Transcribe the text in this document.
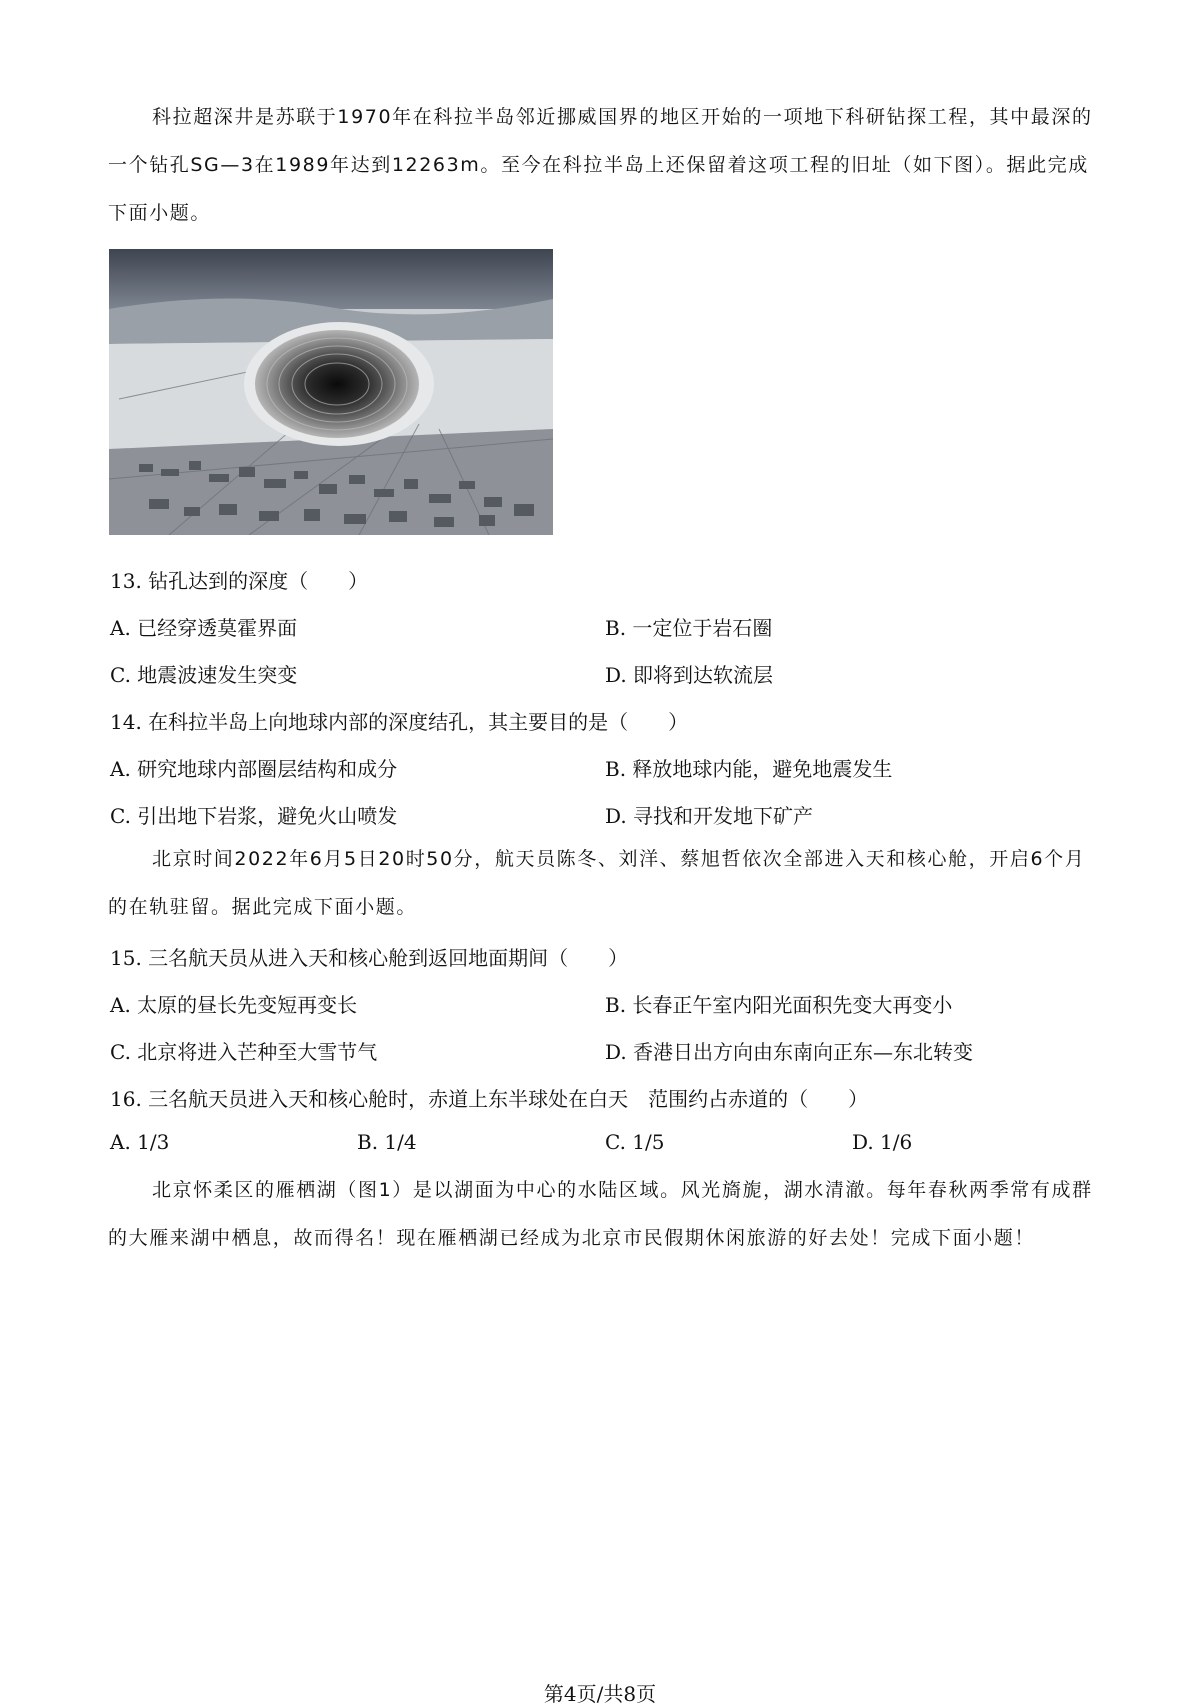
科拉超深井是苏联于1970年在科拉半岛邻近挪威国界的地区开始的一项地下科研钻探工程，其中最深的一个钻孔SG—3在1989年达到12263m。至今在科拉半岛上还保留着这项工程的旧址（如下图）。据此完成下面小题。

13. 钻孔达到的深度（　　）

A. 已经穿透莫霍界面	B. 一定位于岩石圈

C. 地震波速发生突变	D. 即将到达软流层

14. 在科拉半岛上向地球内部的深度结孔，其主要目的是（　　）

A. 研究地球内部圈层结构和成分	B. 释放地球内能，避免地震发生

C. 引出地下岩浆，避免火山喷发	D. 寻找和开发地下矿产

北京时间2022年6月5日20时50分，航天员陈冬、刘洋、蔡旭哲依次全部进入天和核心舱，开启6个月的在轨驻留。据此完成下面小题。

15. 三名航天员从进入天和核心舱到返回地面期间（　　）

A. 太原的昼长先变短再变长	B. 长春正午室内阳光面积先变大再变小

C. 北京将进入芒种至大雪节气	D. 香港日出方向由东南向正东—东北转变

16. 三名航天员进入天和核心舱时，赤道上东半球处在白天　范围约占赤道的（　　）

A. 1/3	B. 1/4	C. 1/5	D. 1/6

北京怀柔区的雁栖湖（图1）是以湖面为中心的水陆区域。风光旖旎，湖水清澈。每年春秋两季常有成群的大雁来湖中栖息，故而得名！现在雁栖湖已经成为北京市民假期休闲旅游的好去处！完成下面小题！

第4页/共8页
